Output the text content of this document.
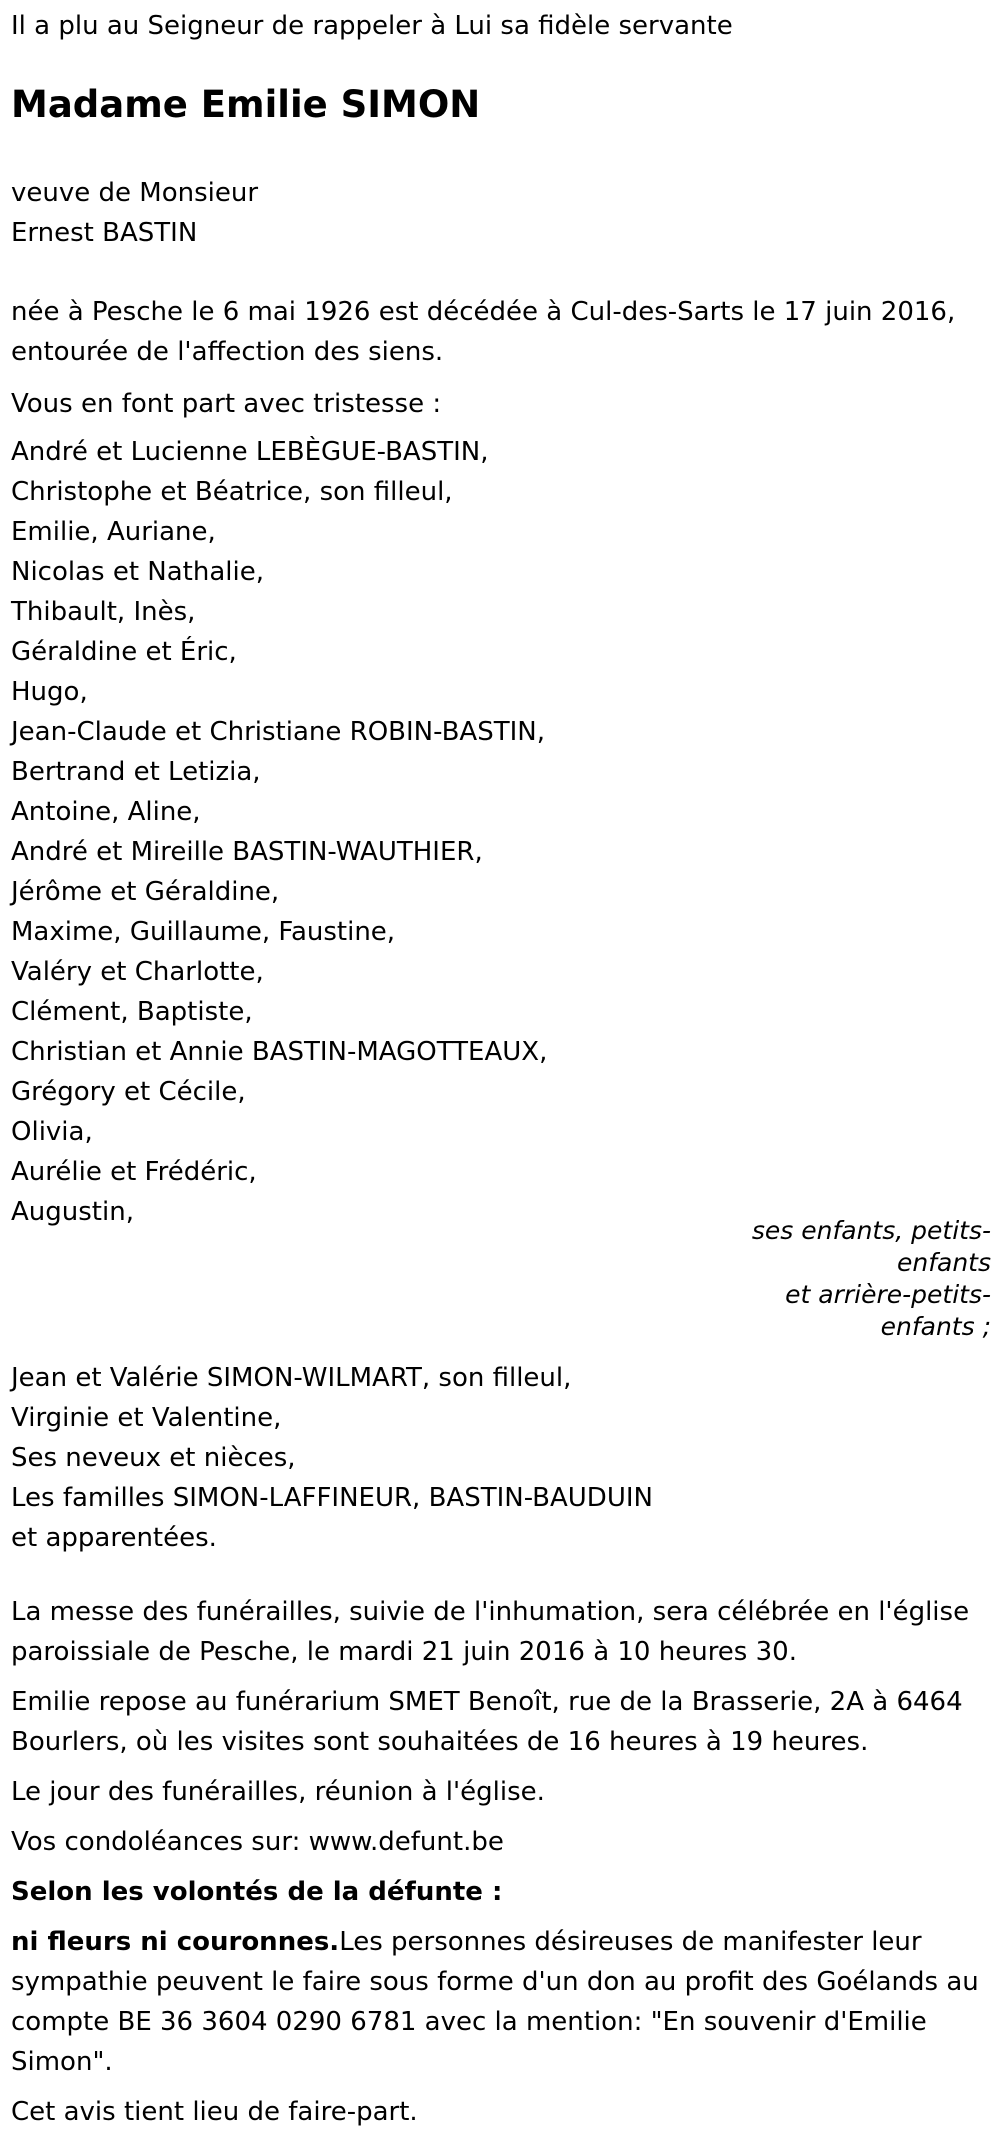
Il a plu au Seigneur de rappeler à Lui sa fidèle servante
Madame Emilie SIMON
veuve de Monsieur
Ernest BASTIN
née à Pesche le 6 mai 1926 est décédée à Cul-des-Sarts le 17 juin 2016,
entourée de l'affection des siens.
Vous en font part avec tristesse :
André et Lucienne LEBÈGUE-BASTIN,
Christophe et Béatrice, son filleul,
Emilie, Auriane,
Nicolas et Nathalie,
Thibault, Inès,
Géraldine et Éric,
Hugo,
Jean-Claude et Christiane ROBIN-BASTIN,
Bertrand et Letizia,
Antoine, Aline,
André et Mireille BASTIN-WAUTHIER,
Jérôme et Géraldine,
Maxime, Guillaume, Faustine,
Valéry et Charlotte,
Clément, Baptiste,
Christian et Annie BASTIN-MAGOTTEAUX,
Grégory et Cécile,
Olivia,
Aurélie et Frédéric,
Augustin,
ses enfants, petits-
enfants
et arrière-petits-
enfants ;
Jean et Valérie SIMON-WILMART, son filleul,
Virginie et Valentine,
Ses neveux et nièces,
Les familles SIMON-LAFFINEUR, BASTIN-BAUDUIN
et apparentées.

La messe des funérailles, suivie de l'inhumation, sera célébrée en l'église paroissiale de Pesche, le mardi 21 juin 2016 à 10 heures 30.

Emilie repose au funérarium SMET Benoît, rue de la Brasserie, 2A à 6464 Bourlers, où les visites sont souhaitées de 16 heures à 19 heures.

Le jour des funérailles, réunion à l'église.

Vos condoléances sur: www.defunt.be

Selon les volontés de la défunte :

ni fleurs ni couronnes.Les personnes désireuses de manifester leur sympathie peuvent le faire sous forme d'un don au profit des Goélands au compte BE 36 3604 0290 6781 avec la mention: "En souvenir d'Emilie Simon".

Cet avis tient lieu de faire-part.
